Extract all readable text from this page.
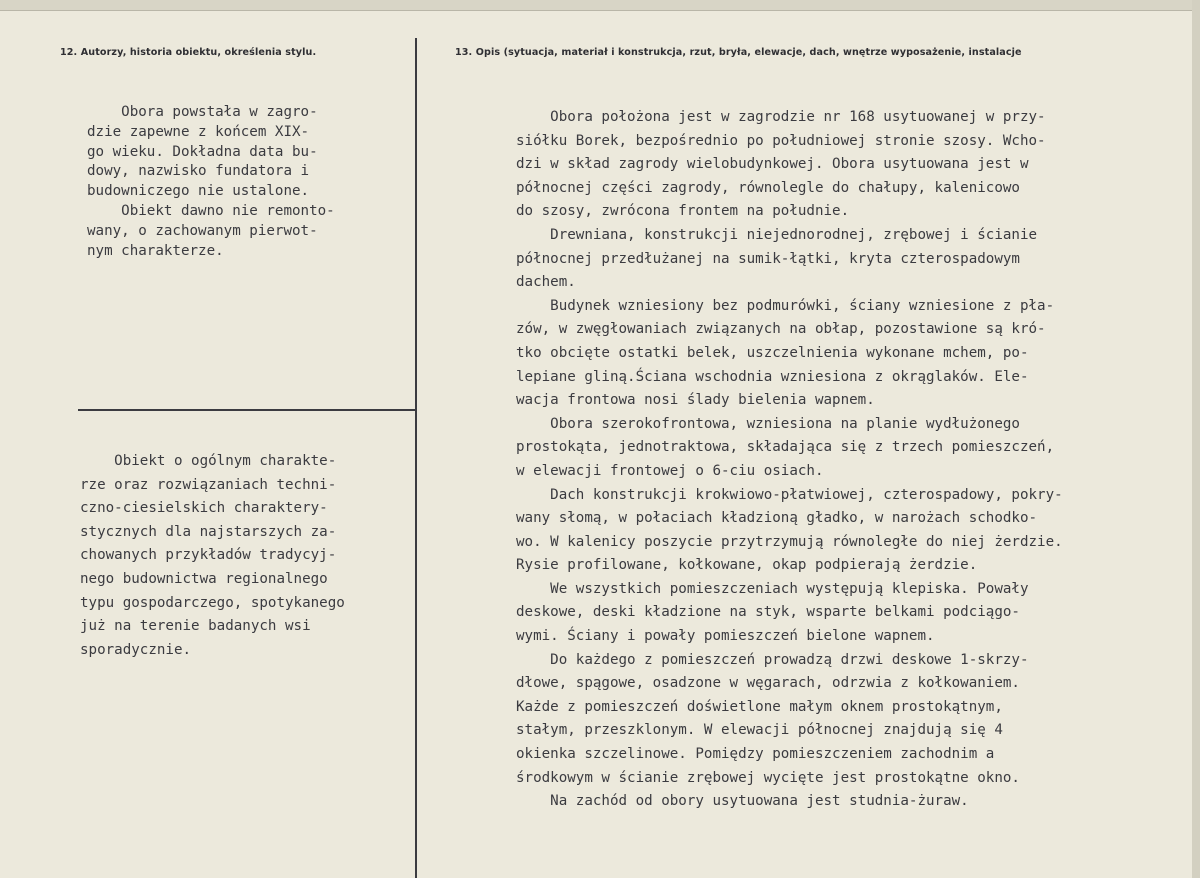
12. Autorzy, historia obiektu, określenia stylu.	13. Opis (sytuacja, materiał i konstrukcja, rzut, bryła, elewacje, dach, wnętrze wyposażenie, instalacje
Obora powstała w zagro-
dzie zapewne z końcem XIX-
go wieku. Dokładna data bu-
dowy, nazwisko fundatora i
budowniczego nie ustalone.
Obiekt dawno nie remonto-
wany, o zachowanym pierwot-
nym charakterze.
Obiekt o ogólnym charakte-
rze oraz rozwiązaniach techni-
czno-ciesielskich charaktery-
stycznych dla najstarszych za-
chowanych przykładów tradycyj-
nego budownictwa regionalnego
typu gospodarczego, spotykanego
już na terenie badanych wsi
sporadycznie.
Obora położona jest w zagrodzie nr 168 usytuowanej w przy-
siółku Borek, bezpośrednio po południowej stronie szosy. Wcho-
dzi w skład zagrody wielobudynkowej. Obora usytuowana jest w
północnej części zagrody, równolegle do chałupy, kalenicowo
do szosy, zwrócona frontem na południe.
Drewniana, konstrukcji niejednorodnej, zrębowej i ścianie
północnej przedłużanej na sumik-łątki, kryta czterospadowym
dachem.
Budynek wzniesiony bez podmurówki, ściany wzniesione z pła-
zów, w zwęgłowaniach związanych na obłap, pozostawione są kró-
tko obcięte ostatki belek, uszczelnienia wykonane mchem, po-
lepiane gliną.Ściana wschodnia wzniesiona z okrąglaków. Ele-
wacja frontowa nosi ślady bielenia wapnem.
Obora szerokofrontowa, wzniesiona na planie wydłużonego
prostokąta, jednotraktowa, składająca się z trzech pomieszczeń,
w elewacji frontowej o 6-ciu osiach.
Dach konstrukcji krokwiowo-płatwiowej, czterospadowy, pokry-
wany słomą, w połaciach kładzioną gładko, w narożach schodko-
wo. W kalenicy poszycie przytrzymują równoległe do niej żerdzie.
Rysie profilowane, kołkowane, okap podpierają żerdzie.
We wszystkich pomieszczeniach występują klepiska. Powały
deskowe, deski kładzione na styk, wsparte belkami podciągo-
wymi. Ściany i powały pomieszczeń bielone wapnem.
Do każdego z pomieszczeń prowadzą drzwi deskowe 1-skrzy-
dłowe, spągowe, osadzone w węgarach, odrzwia z kołkowaniem.
Każde z pomieszczeń doświetlone małym oknem prostokątnym,
stałym, przeszklonym. W elewacji północnej znajdują się 4
okienka szczelinowe. Pomiędzy pomieszczeniem zachodnim a
środkowym w ścianie zrębowej wycięte jest prostokątne okno.
Na zachód od obory usytuowana jest studnia-żuraw.
